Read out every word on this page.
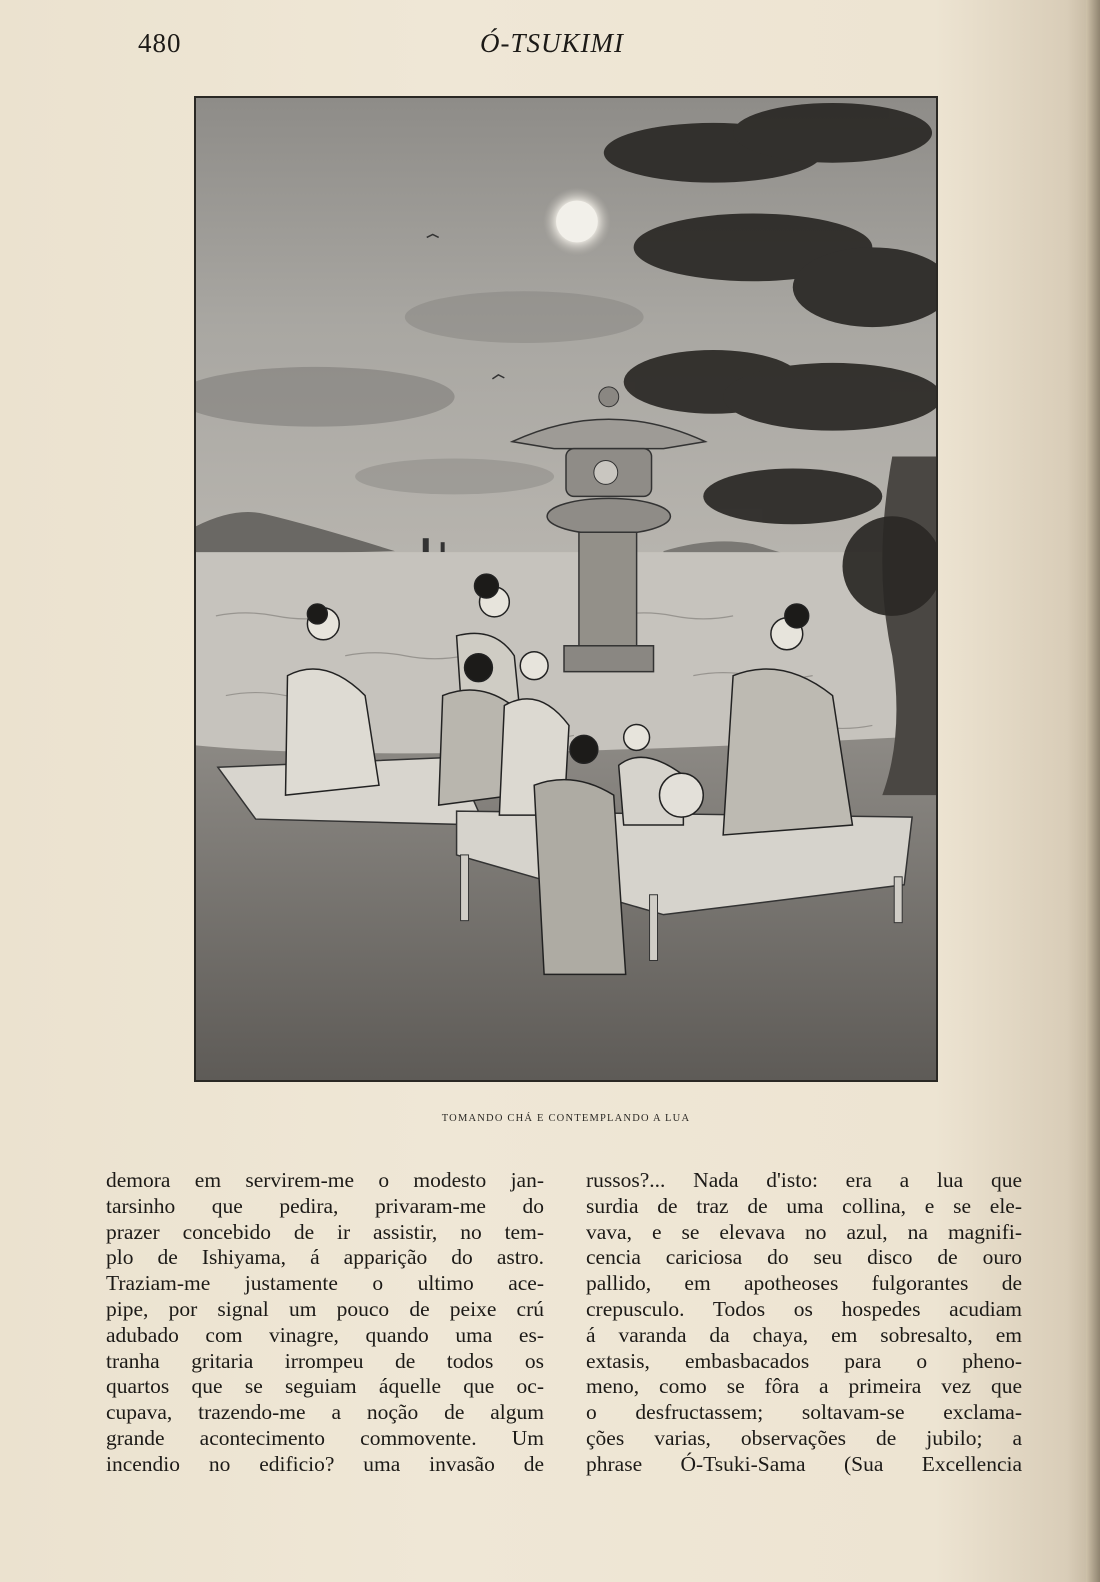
480	Ó-TSUKIMI
TOMANDO CHÁ E CONTEMPLANDO A LUA
demora em servirem-me o modesto jan-
tarsinho que pedira, privaram-me do
prazer concebido de ir assistir, no tem-
plo de Ishiyama, á apparição do astro.
Traziam-me justamente o ultimo ace-
pipe, por signal um pouco de peixe crú
adubado com vinagre, quando uma es-
tranha gritaria irrompeu de todos os
quartos que se seguiam áquelle que oc-
cupava, trazendo-me a noção de algum
grande acontecimento commovente. Um
incendio no edificio? uma invasão de
russos?... Nada d'isto: era a lua que
surdia de traz de uma collina, e se ele-
vava, e se elevava no azul, na magnifi-
cencia cariciosa do seu disco de ouro
pallido, em apotheoses fulgorantes de
crepusculo. Todos os hospedes acudiam
á varanda da chaya, em sobresalto, em
extasis, embasbacados para o pheno-
meno, como se fôra a primeira vez que
o desfructassem; soltavam-se exclama-
ções varias, observações de jubilo; a
phrase Ó-Tsuki-Sama (Sua Excellencia
